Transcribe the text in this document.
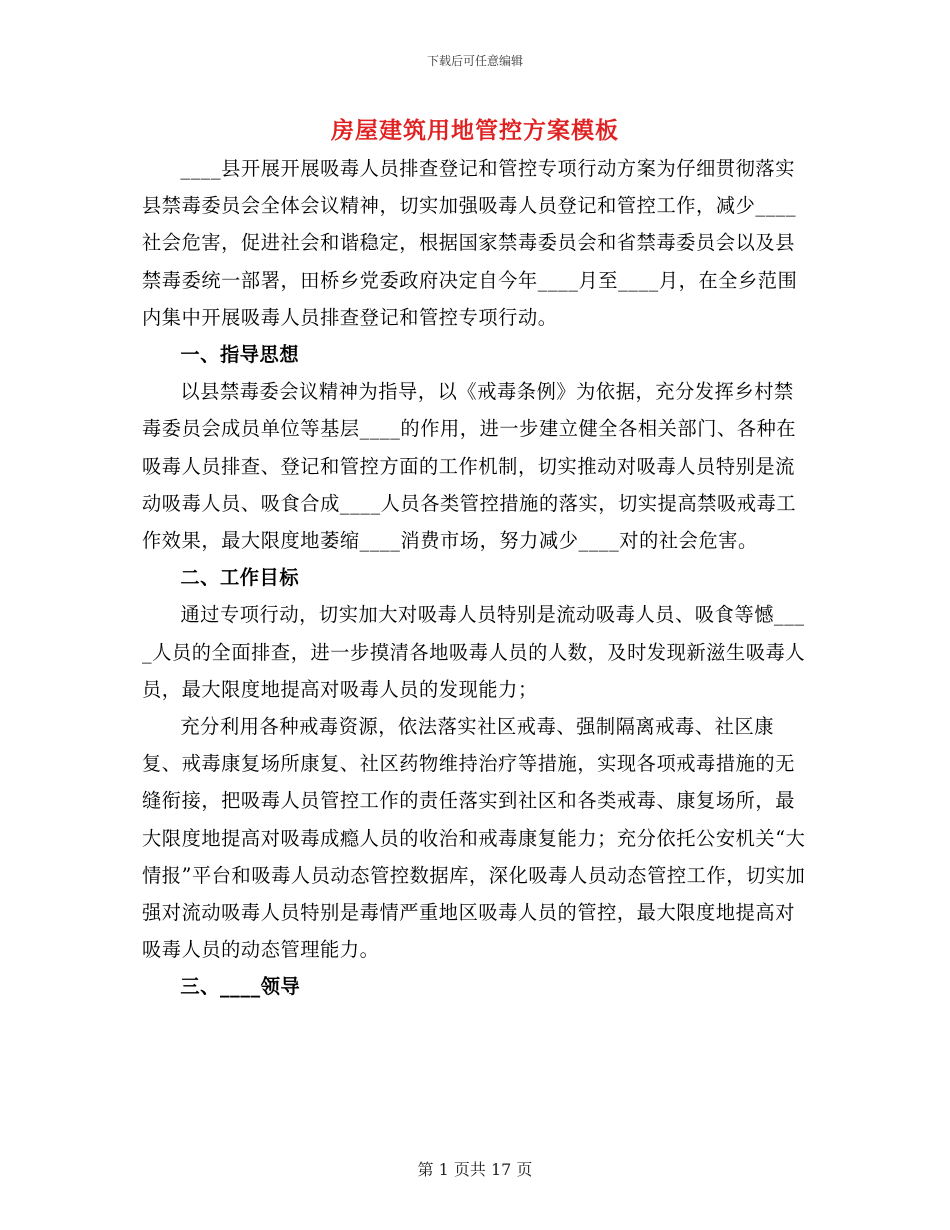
下载后可任意编辑
房屋建筑用地管控方案模板

____县开展开展吸毒人员排查登记和管控专项行动方案为仔细贯彻落实县禁毒委员会全体会议精神，切实加强吸毒人员登记和管控工作，减少____社会危害，促进社会和谐稳定，根据国家禁毒委员会和省禁毒委员会以及县禁毒委统一部署，田桥乡党委政府决定自今年____月至____月，在全乡范围内集中开展吸毒人员排查登记和管控专项行动。

一、指导思想

以县禁毒委会议精神为指导，以《戒毒条例》为依据，充分发挥乡村禁毒委员会成员单位等基层____的作用，进一步建立健全各相关部门、各种在吸毒人员排查、登记和管控方面的工作机制，切实推动对吸毒人员特别是流动吸毒人员、吸食合成____人员各类管控措施的落实，切实提高禁吸戒毒工作效果，最大限度地萎缩____消费市场，努力减少____对的社会危害。

二、工作目标

通过专项行动，切实加大对吸毒人员特别是流动吸毒人员、吸食等憾____人员的全面排查，进一步摸清各地吸毒人员的人数，及时发现新滋生吸毒人员，最大限度地提高对吸毒人员的发现能力；

充分利用各种戒毒资源，依法落实社区戒毒、强制隔离戒毒、社区康复、戒毒康复场所康复、社区药物维持治疗等措施，实现各项戒毒措施的无缝衔接，把吸毒人员管控工作的责任落实到社区和各类戒毒、康复场所，最大限度地提高对吸毒成瘾人员的收治和戒毒康复能力；充分依托公安机关“大情报”平台和吸毒人员动态管控数据库，深化吸毒人员动态管控工作，切实加强对流动吸毒人员特别是毒情严重地区吸毒人员的管控，最大限度地提高对吸毒人员的动态管理能力。

三、____领导

第 1 页共 17 页
